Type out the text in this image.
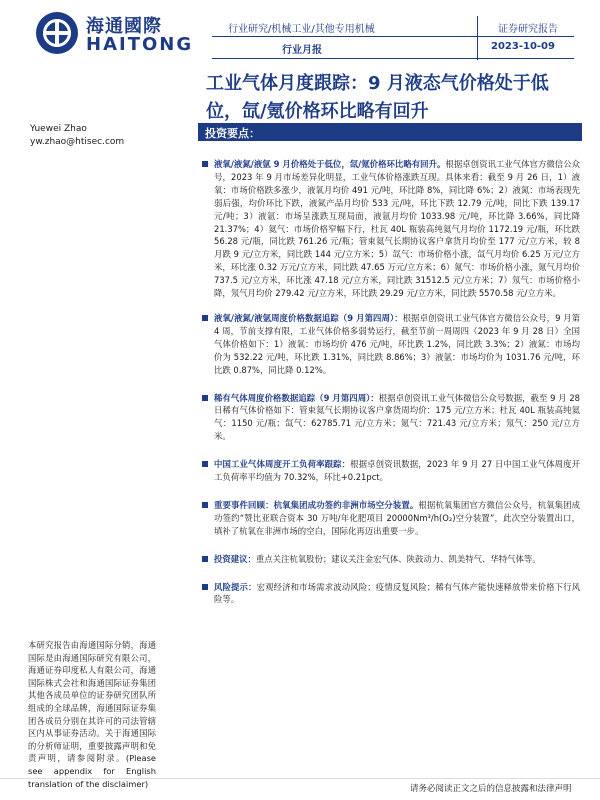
海通國際
HAITONG
行业研究/机械工业/其他专用机械
行业月报
证券研究报告
2023-10-09
工业气体月度跟踪：9 月液态气价格处于低位，氙/氪价格环比略有回升
Yuewei Zhao
yw.zhao@htisec.com
投资要点：
液氧/液氮/液氩 9 月价格处于低位，氙/氪价格环比略有回升。根据卓创资讯工业气体官方微信公众号，2023 年 9 月市场差异化明显，工业气体价格涨跌互现。具体来看：截至 9 月 26 日，1）液氧：市场价格跌多涨少，液氧月均价 491 元/吨，环比降 8%，同比降 6%；2）液氮：市场表现先弱后强，均价环比下跌，液氮产品月均价 533 元/吨，环比下跌 12.79 元/吨，同比下跌 139.17 元/吨；3）液氩：市场呈涨跌互现局面，液氩月均价 1033.98 元/吨，环比降 3.66%，同比降 21.37%；4）氦气：市场价格窄幅下行，杜瓦 40L 瓶装高纯氦气月均价 1172.19 元/瓶，环比跌 56.28 元/瓶，同比跌 761.26 元/瓶；管束氦气长期协议客户拿货月均价至 177 元/立方米，较 8 月跌 9 元/立方米，同比跌 144 元/立方米；5）氙气：市场价格小涨，氙气月均价 6.25 万元/立方米，环比涨 0.32 万元/立方米，同比跌 47.65 万元/立方米；6）氪气：市场价格小涨，氪气月均价 737.5 元/立方米，环比涨 47.18 元/立方米，同比跌 31512.5 元/立方米；7）氖气：市场价格小降，氖气月均价 279.42 元/立方米，环比跌 29.29 元/立方米，同比跌 5570.58 元/立方米。
液氧/液氮/液氩周度价格数据追踪（9 月第四周）：根据卓创资讯工业气体官方微信公众号，9 月第 4 周，节前支撑有限，工业气体价格多弱势运行，截至节前一周周四（2023 年 9 月 28 日）全国气体价格如下：1）液氧：市场均价 476 元/吨，环比跌 1.2%，同比跌 3.3%；2）液氮：市场均价为 532.22 元/吨，环比跌 1.31%，同比跌 8.86%；3）液氩：市场均价为 1031.76 元/吨，环比跌 0.87%，同比降 0.12%。
稀有气体周度价格数据追踪（9 月第四周）：根据卓创资讯工业气体微信公众号数据，截至 9 月 28 日稀有气体价格如下：管束氦气长期协议客户拿货周均价：175 元/立方米；杜瓦 40L 瓶装高纯氦气：1150 元/瓶；氙气：62785.71 元/立方米；氪气：721.43 元/立方米；氖气：250 元/立方米。
中国工业气体周度开工负荷率跟踪：根据卓创资讯数据，2023 年 9 月 27 日中国工业气体周度开工负荷率平均值为 70.32%，环比+0.21pct。
重要事件回顾：杭氧集团成功签约非洲市场空分装置。根据杭氧集团官方微信公众号，杭氧集团成功签约“赞比亚联合资本 30 万吨/年化肥项目 20000Nm³/h(O₂)空分装置”，此次空分装置出口，填补了杭氧在非洲市场的空白，国际化再迈出重要一步。
投资建议：重点关注杭氧股份；建议关注金宏气体、陕鼓动力、凯美特气、华特气体等。
风险提示：宏观经济和市场需求波动风险；疫情反复风险；稀有气体产能快速释放带来价格下行风险等。
本研究报告由海通国际分销，海通国际是由海通国际研究有限公司，海通证券印度私人有限公司，海通国际株式会社和海通国际证券集团其他各成员单位的证券研究团队所组成的全球品牌，海通国际证券集团各成员分别在其许可的司法管辖区内从事证券活动。关于海通国际的分析师证明，重要披露声明和免责声明，请参阅附录。(Please see appendix for English translation of the disclaimer)
请务必阅读正文之后的信息披露和法律声明
